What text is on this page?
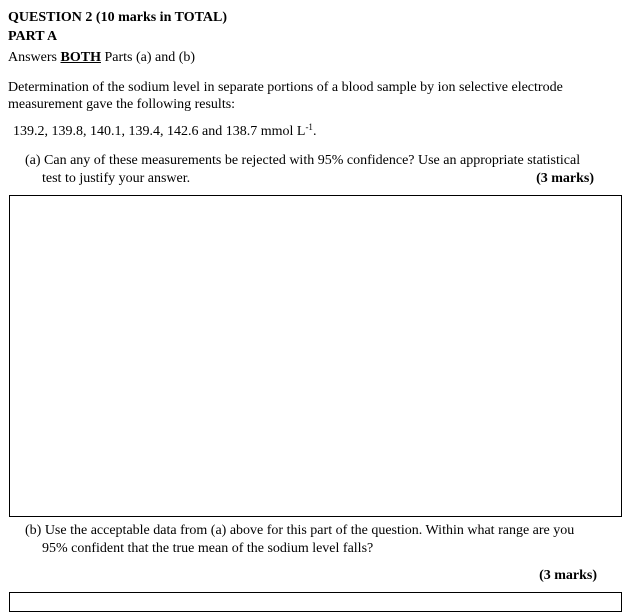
QUESTION 2 (10 marks in TOTAL)
PART A
Answers BOTH Parts (a) and (b)
Determination of the sodium level in separate portions of a blood sample by ion selective electrode
measurement gave the following results:
139.2, 139.8, 140.1, 139.4, 142.6 and 138.7 mmol $L^{-1}$.
(a) Can any of these measurements be rejected with 95% confidence? Use an appropriate statistical
test to justify your answer.	(3 marks)
(b) Use the acceptable data from (a) above for this part of the question. Within what range are you
95% confident that the true mean of the sodium level falls?
(3 marks)
